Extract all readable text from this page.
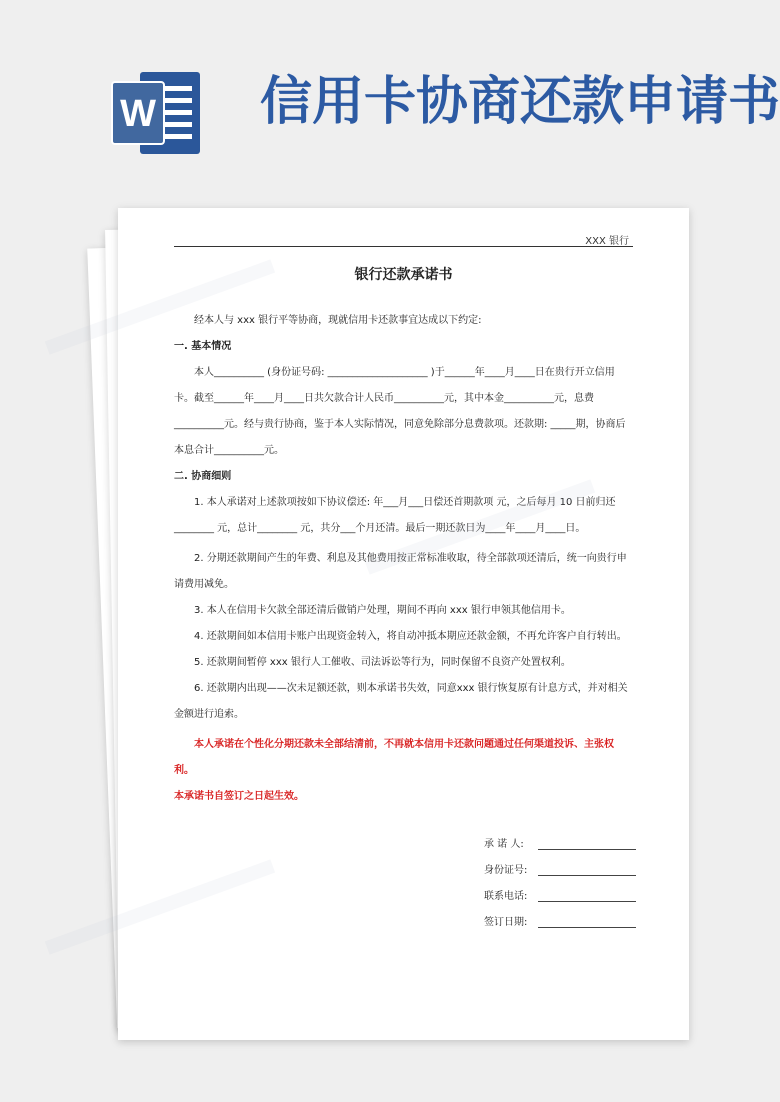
W 信用卡协商还款申请书
XXX 银行
银行还款承诺书

经本人与 xxx 银行平等协商，现就信用卡还款事宜达成以下约定:

一. 基本情况

本人__________ (身份证号码: ____________________ )于______年____月____日在贵行开立信用卡。截至______年____月____日共欠款合计人民币__________元，其中本金__________元，息费__________元。经与贵行协商，鉴于本人实际情况，同意免除部分息费款项。还款期: _____期，协商后本息合计__________元。

二. 协商细则

1. 本人承诺对上述款项按如下协议偿还: 年___月___日偿还首期款项 元，之后每月 10 日前归还________ 元，总计________ 元，共分___个月还清。最后一期还款日为____年____月____日。

2. 分期还款期间产生的年费、利息及其他费用按正常标准收取，待全部款项还清后，统一向贵行申请费用减免。

3. 本人在信用卡欠款全部还清后做销户处理，期间不再向 xxx 银行申领其他信用卡。

4. 还款期间如本信用卡账户出现资金转入，将自动冲抵本期应还款金额，不再允许客户自行转出。

5. 还款期间暂停 xxx 银行人工催收、司法诉讼等行为，同时保留不良资产处置权利。

6. 还款期内出现——次未足额还款，则本承诺书失效，同意xxx 银行恢复原有计息方式，并对相关金额进行追索。

本人承诺在个性化分期还款未全部结清前，不再就本信用卡还款问题通过任何渠道投诉、主张权利。

本承诺书自签订之日起生效。

承 诺 人:
身份证号:
联系电话:
签订日期:
